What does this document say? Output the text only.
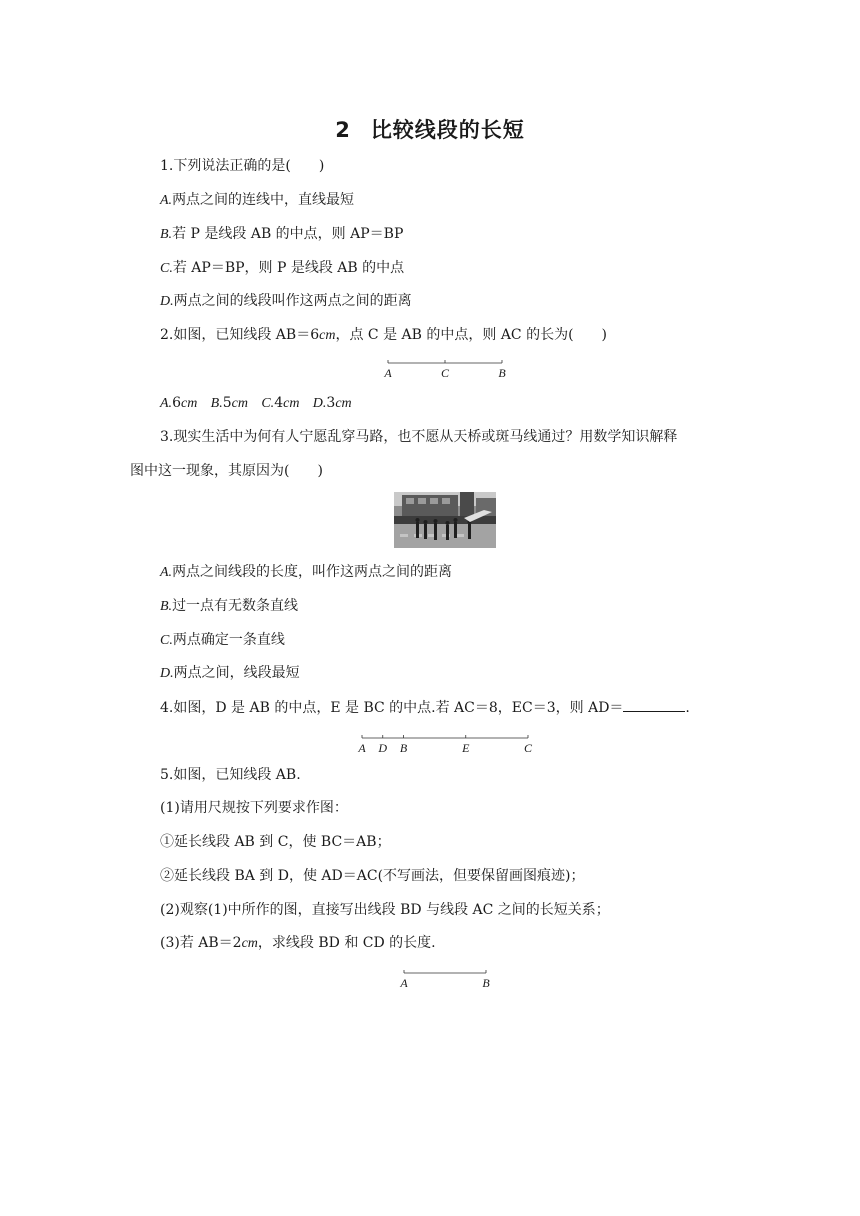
2 比较线段的长短
1.下列说法正确的是(　　)
A.两点之间的连线中，直线最短
B.若 P 是线段 AB 的中点，则 AP＝BP
C.若 AP＝BP，则 P 是线段 AB 的中点
D.两点之间的线段叫作这两点之间的距离
2.如图，已知线段 AB＝6cm，点 C 是 AB 的中点，则 AC 的长为(　　)
A	C	B
A.6cm B.5cm C.4cm D.3cm
3.现实生活中为何有人宁愿乱穿马路，也不愿从天桥或斑马线通过？用数学知识解释
图中这一现象，其原因为(　　)
A.两点之间线段的长度，叫作这两点之间的距离
B.过一点有无数条直线
C.两点确定一条直线
D.两点之间，线段最短
4.如图，D 是 AB 的中点，E 是 BC 的中点.若 AC＝8，EC＝3，则 AD＝	.
A D B	E	C
5.如图，已知线段 AB.
(1)请用尺规按下列要求作图：
①延长线段 AB 到 C，使 BC＝AB；
②延长线段 BA 到 D，使 AD＝AC(不写画法，但要保留画图痕迹)；
(2)观察(1)中所作的图，直接写出线段 BD 与线段 AC 之间的长短关系；
(3)若 AB＝2cm，求线段 BD 和 CD 的长度.
A	B
